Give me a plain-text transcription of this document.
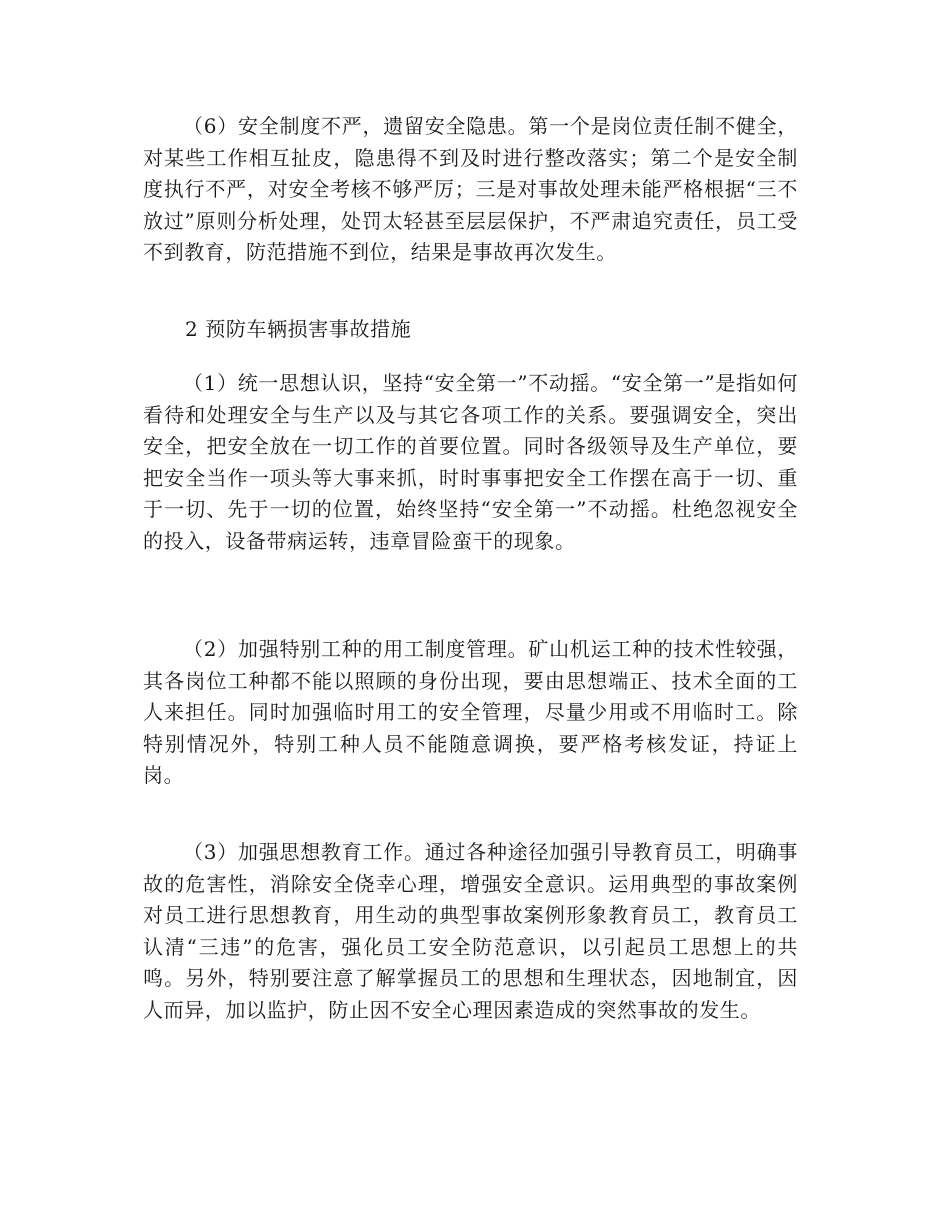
（6）安全制度不严，遗留安全隐患。第一个是岗位责任制不健全，对某些工作相互扯皮，隐患得不到及时进行整改落实；第二个是安全制度执行不严，对安全考核不够严厉；三是对事故处理未能严格根据“三不放过”原则分析处理，处罚太轻甚至层层保护，不严肃追究责任，员工受不到教育，防范措施不到位，结果是事故再次发生。

2 预防车辆损害事故措施

（1）统一思想认识，坚持“安全第一”不动摇。“安全第一”是指如何看待和处理安全与生产以及与其它各项工作的关系。要强调安全，突出安全，把安全放在一切工作的首要位置。同时各级领导及生产单位，要把安全当作一项头等大事来抓，时时事事把安全工作摆在高于一切、重于一切、先于一切的位置，始终坚持“安全第一”不动摇。杜绝忽视安全的投入，设备带病运转，违章冒险蛮干的现象。

（2）加强特别工种的用工制度管理。矿山机运工种的技术性较强，其各岗位工种都不能以照顾的身份出现，要由思想端正、技术全面的工人来担任。同时加强临时用工的安全管理，尽量少用或不用临时工。除特别情况外，特别工种人员不能随意调换，要严格考核发证，持证上岗。

（3）加强思想教育工作。通过各种途径加强引导教育员工，明确事故的危害性，消除安全侥幸心理，增强安全意识。运用典型的事故案例对员工进行思想教育，用生动的典型事故案例形象教育员工，教育员工认清“三违”的危害，强化员工安全防范意识，以引起员工思想上的共鸣。另外，特别要注意了解掌握员工的思想和生理状态，因地制宜，因人而异，加以监护，防止因不安全心理因素造成的突然事故的发生。
